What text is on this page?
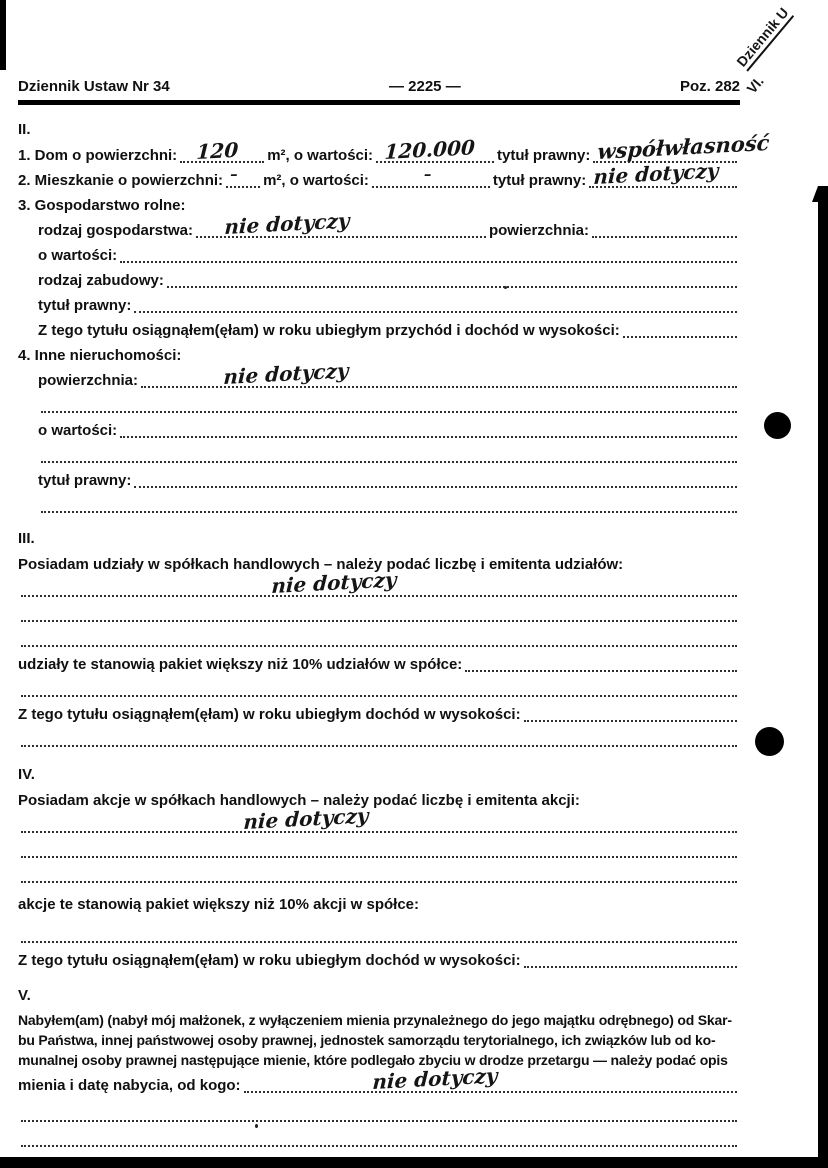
Dziennik U
VI.
Dziennik Ustaw Nr 34	— 2225 —	Poz. 282
II.
1. Dom o powierzchni: 120 m², o wartości: 120.000 tytuł prawny: współwłasność
2. Mieszkanie o powierzchni: – m², o wartości:	–	tytuł prawny: nie dotyczy
3. Gospodarstwo rolne:
rodzaj gospodarstwa: nie dotyczy	powierzchnia:
o wartości:
rodzaj zabudowy:
tytuł prawny:
Z tego tytułu osiągnąłem(ęłam) w roku ubiegłym przychód i dochód w wysokości:
4. Inne nieruchomości:
powierzchnia:	nie dotyczy
o wartości:
tytuł prawny:
III.
Posiadam udziały w spółkach handlowych – należy podać liczbę i emitenta udziałów:
nie dotyczy
udziały te stanowią pakiet większy niż 10% udziałów w spółce:
Z tego tytułu osiągnąłem(ęłam) w roku ubiegłym dochód w wysokości:
IV.
Posiadam akcje w spółkach handlowych – należy podać liczbę i emitenta akcji:
nie dotyczy
akcje te stanowią pakiet większy niż 10% akcji w spółce:
Z tego tytułu osiągnąłem(ęłam) w roku ubiegłym dochód w wysokości:
V.
Nabyłem(am) (nabył mój małżonek, z wyłączeniem mienia przynależnego do jego majątku odrębnego) od Skar-
bu Państwa, innej państwowej osoby prawnej, jednostek samorządu terytorialnego, ich związków lub od ko-
munalnej osoby prawnej następujące mienie, które podlegało zbyciu w drodze przetargu — należy podać opis
mienia i datę nabycia, od kogo:	nie dotyczy
